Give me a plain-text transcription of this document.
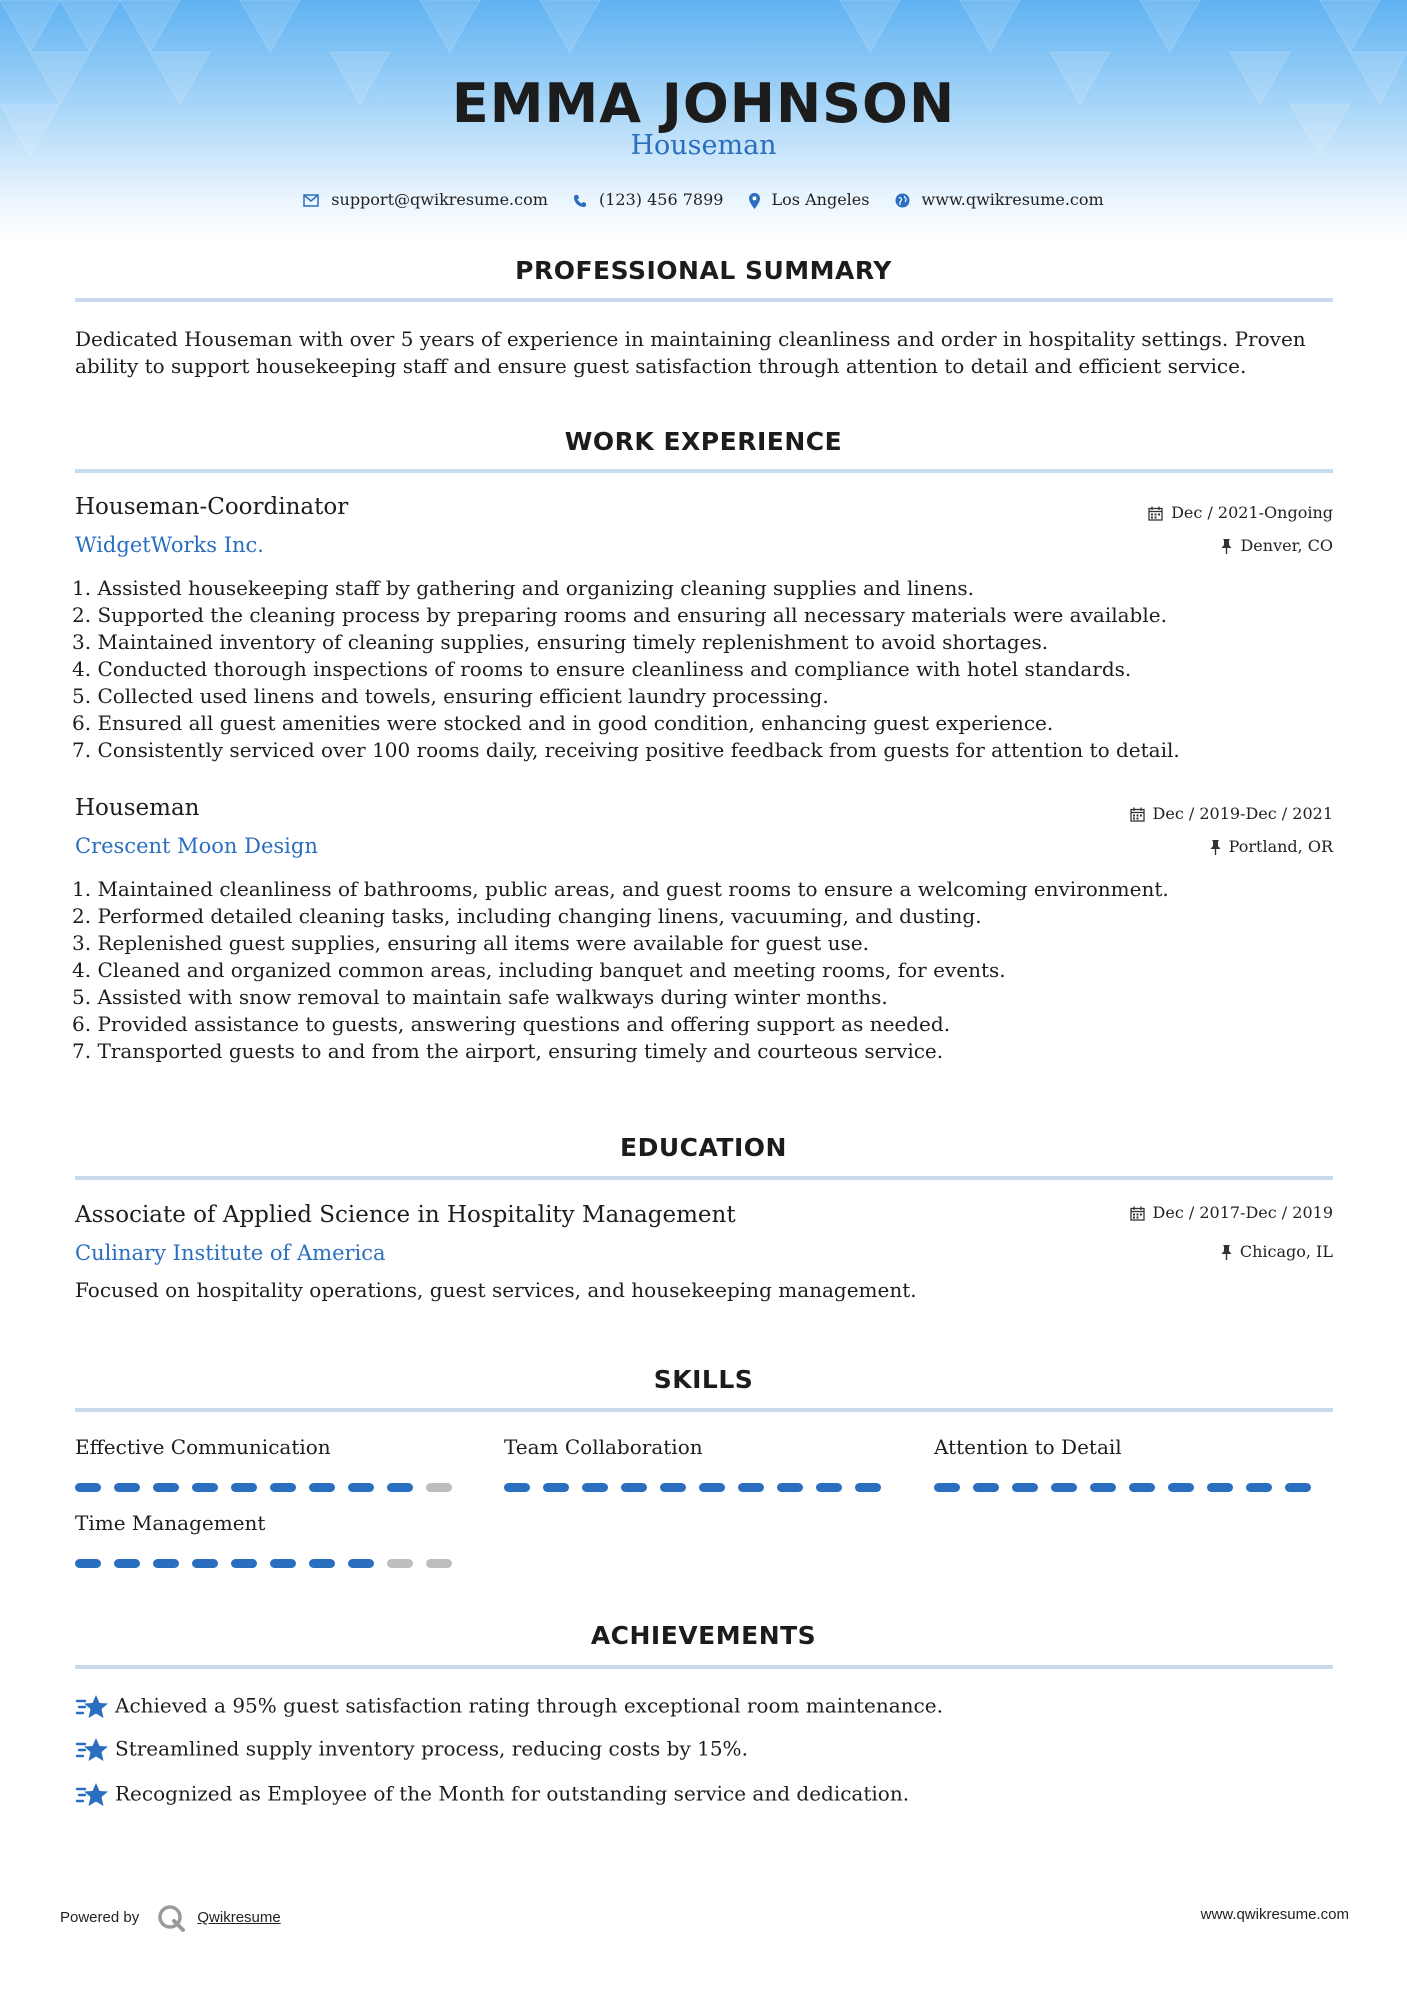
EMMA JOHNSON
Houseman
support@qwikresume.com	(123) 456 7899	Los Angeles	www.qwikresume.com
PROFESSIONAL SUMMARY
Dedicated Houseman with over 5 years of experience in maintaining cleanliness and order in hospitality settings. Proven ability to support housekeeping staff and ensure guest satisfaction through attention to detail and efficient service.
WORK EXPERIENCE
Houseman-Coordinator	Dec / 2021-Ongoing
WidgetWorks Inc.	Denver, CO
1. Assisted housekeeping staff by gathering and organizing cleaning supplies and linens.
2. Supported the cleaning process by preparing rooms and ensuring all necessary materials were available.
3. Maintained inventory of cleaning supplies, ensuring timely replenishment to avoid shortages.
4. Conducted thorough inspections of rooms to ensure cleanliness and compliance with hotel standards.
5. Collected used linens and towels, ensuring efficient laundry processing.
6. Ensured all guest amenities were stocked and in good condition, enhancing guest experience.
7. Consistently serviced over 100 rooms daily, receiving positive feedback from guests for attention to detail.
Houseman	Dec / 2019-Dec / 2021
Crescent Moon Design	Portland, OR
1. Maintained cleanliness of bathrooms, public areas, and guest rooms to ensure a welcoming environment.
2. Performed detailed cleaning tasks, including changing linens, vacuuming, and dusting.
3. Replenished guest supplies, ensuring all items were available for guest use.
4. Cleaned and organized common areas, including banquet and meeting rooms, for events.
5. Assisted with snow removal to maintain safe walkways during winter months.
6. Provided assistance to guests, answering questions and offering support as needed.
7. Transported guests to and from the airport, ensuring timely and courteous service.
EDUCATION
Associate of Applied Science in Hospitality Management	Dec / 2017-Dec / 2019
Culinary Institute of America	Chicago, IL
Focused on hospitality operations, guest services, and housekeeping management.
SKILLS
Effective Communication	Team Collaboration	Attention to Detail
Time Management
ACHIEVEMENTS
Achieved a 95% guest satisfaction rating through exceptional room maintenance.
Streamlined supply inventory process, reducing costs by 15%.
Recognized as Employee of the Month for outstanding service and dedication.
Powered by	Qwikresume	www.qwikresume.com
